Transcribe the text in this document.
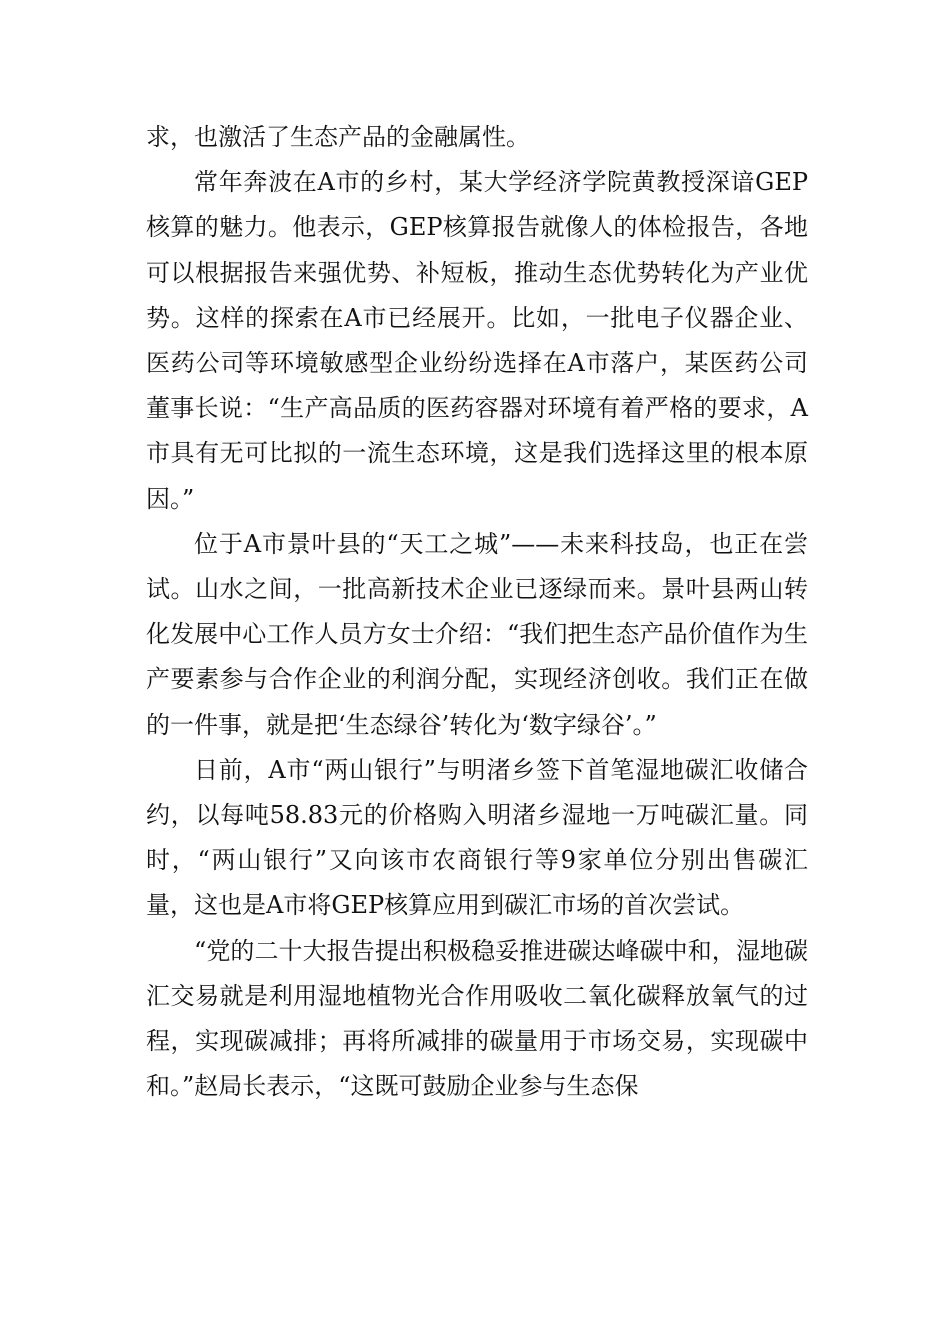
求，也激活了生态产品的金融属性。

常年奔波在A市的乡村，某大学经济学院黄教授深谙GEP核算的魅力。他表示，GEP核算报告就像人的体检报告，各地可以根据报告来强优势、补短板，推动生态优势转化为产业优势。这样的探索在A市已经展开。比如，一批电子仪器企业、医药公司等环境敏感型企业纷纷选择在A市落户，某医药公司董事长说：“生产高品质的医药容器对环境有着严格的要求，A市具有无可比拟的一流生态环境，这是我们选择这里的根本原因。”

位于A市景叶县的“天工之城”——未来科技岛，也正在尝试。山水之间，一批高新技术企业已逐绿而来。景叶县两山转化发展中心工作人员方女士介绍：“我们把生态产品价值作为生产要素参与合作企业的利润分配，实现经济创收。我们正在做的一件事，就是把‘生态绿谷’转化为‘数字绿谷’。”

日前，A市“两山银行”与明渚乡签下首笔湿地碳汇收储合约，以每吨58.83元的价格购入明渚乡湿地一万吨碳汇量。同时，“两山银行”又向该市农商银行等9家单位分别出售碳汇量，这也是A市将GEP核算应用到碳汇市场的首次尝试。

“党的二十大报告提出积极稳妥推进碳达峰碳中和，湿地碳汇交易就是利用湿地植物光合作用吸收二氧化碳释放氧气的过程，实现碳减排；再将所减排的碳量用于市场交易，实现碳中和。”赵局长表示，“这既可鼓励企业参与生态保
